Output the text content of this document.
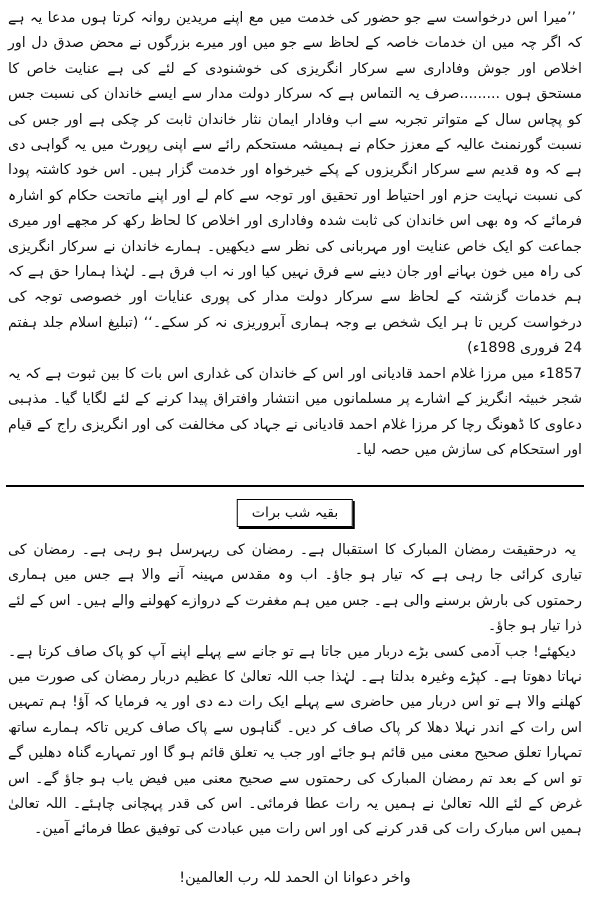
’’میرا اس درخواست سے جو حضور کی خدمت میں مع اپنے مریدین روانہ کرتا ہوں مدعا یہ ہے کہ اگر چہ میں ان خدمات خاصہ کے لحاظ سے جو میں اور میرے بزرگوں نے محض صدق دل اور اخلاص اور جوش وفاداری سے سرکار انگریزی کی خوشنودی کے لئے کی ہے عنایت خاص کا مستحق ہوں .........صرف یہ التماس ہے کہ سرکار دولت مدار سے ایسے خاندان کی نسبت جس کو پچاس سال کے متواتر تجربہ سے اب وفادار ایمان نثار خاندان ثابت کر چکی ہے اور جس کی نسبت گورنمنٹ عالیہ کے معزز حکام نے ہمیشہ مستحکم رائے سے اپنی رپورٹ میں یہ گواہی دی ہے کہ وہ قدیم سے سرکار انگریزوں کے پکے خیرخواہ اور خدمت گزار ہیں۔ اس خود کاشتہ پودا کی نسبت نہایت حزم اور احتیاط اور تحقیق اور توجہ سے کام لے اور اپنے ماتحت حکام کو اشارہ فرمائے کہ وہ بھی اس خاندان کی ثابت شدہ وفاداری اور اخلاص کا لحاظ رکھ کر مجھے اور میری جماعت کو ایک خاص عنایت اور مہربانی کی نظر سے دیکھیں۔ ہمارے خاندان نے سرکار انگریزی کی راہ میں خون بہانے اور جان دینے سے فرق نہیں کیا اور نہ اب فرق ہے۔ لہٰذا ہمارا حق ہے کہ ہم خدمات گزشتہ کے لحاظ سے سرکار دولت مدار کی پوری عنایات اور خصوصی توجہ کی درخواست کریں تا ہر ایک شخص بے وجہ ہماری آبروریزی نہ کر سکے۔‘‘ (تبلیغ اسلام جلد ہفتم 24 فروری 1898ء)

1857ء میں مرزا غلام احمد قادیانی اور اس کے خاندان کی غداری اس بات کا بین ثبوت ہے کہ یہ شجر خبیثہ انگریز کے اشارے پر مسلمانوں میں انتشار وافتراق پیدا کرنے کے لئے لگایا گیا۔ مذہبی دعاوی کا ڈھونگ رچا کر مرزا غلام احمد قادیانی نے جہاد کی مخالفت کی اور انگریزی راج کے قیام اور استحکام کی سازش میں حصہ لیا۔

بقیہ شب برات

یہ درحقیقت رمضان المبارک کا استقبال ہے۔ رمضان کی ریہرسل ہو رہی ہے۔ رمضان کی تیاری کرائی جا رہی ہے کہ تیار ہو جاؤ۔ اب وہ مقدس مہینہ آنے والا ہے جس میں ہماری رحمتوں کی بارش برسنے والی ہے۔ جس میں ہم مغفرت کے دروازے کھولنے والے ہیں۔ اس کے لئے ذرا تیار ہو جاؤ۔

دیکھئے! جب آدمی کسی بڑے دربار میں جاتا ہے تو جانے سے پہلے اپنے آپ کو پاک صاف کرتا ہے۔ نہاتا دھوتا ہے۔ کپڑے وغیرہ بدلتا ہے۔ لہٰذا جب اللہ تعالیٰ کا عظیم دربار رمضان کی صورت میں کھلنے والا ہے تو اس دربار میں حاضری سے پہلے ایک رات دے دی اور یہ فرمایا کہ آؤ! ہم تمہیں اس رات کے اندر نہلا دھلا کر پاک صاف کر دیں۔ گناہوں سے پاک صاف کریں تاکہ ہمارے ساتھ تمہارا تعلق صحیح معنی میں قائم ہو جائے اور جب یہ تعلق قائم ہو گا اور تمہارے گناہ دھلیں گے تو اس کے بعد تم رمضان المبارک کی رحمتوں سے صحیح معنی میں فیض یاب ہو جاؤ گے۔ اس غرض کے لئے اللہ تعالیٰ نے ہمیں یہ رات عطا فرمائی۔ اس کی قدر پہچانی چاہئے۔ اللہ تعالیٰ ہمیں اس مبارک رات کی قدر کرنے کی اور اس رات میں عبادت کی توفیق عطا فرمائے آمین۔

واخر دعوانا ان الحمد للہ رب العالمین!
